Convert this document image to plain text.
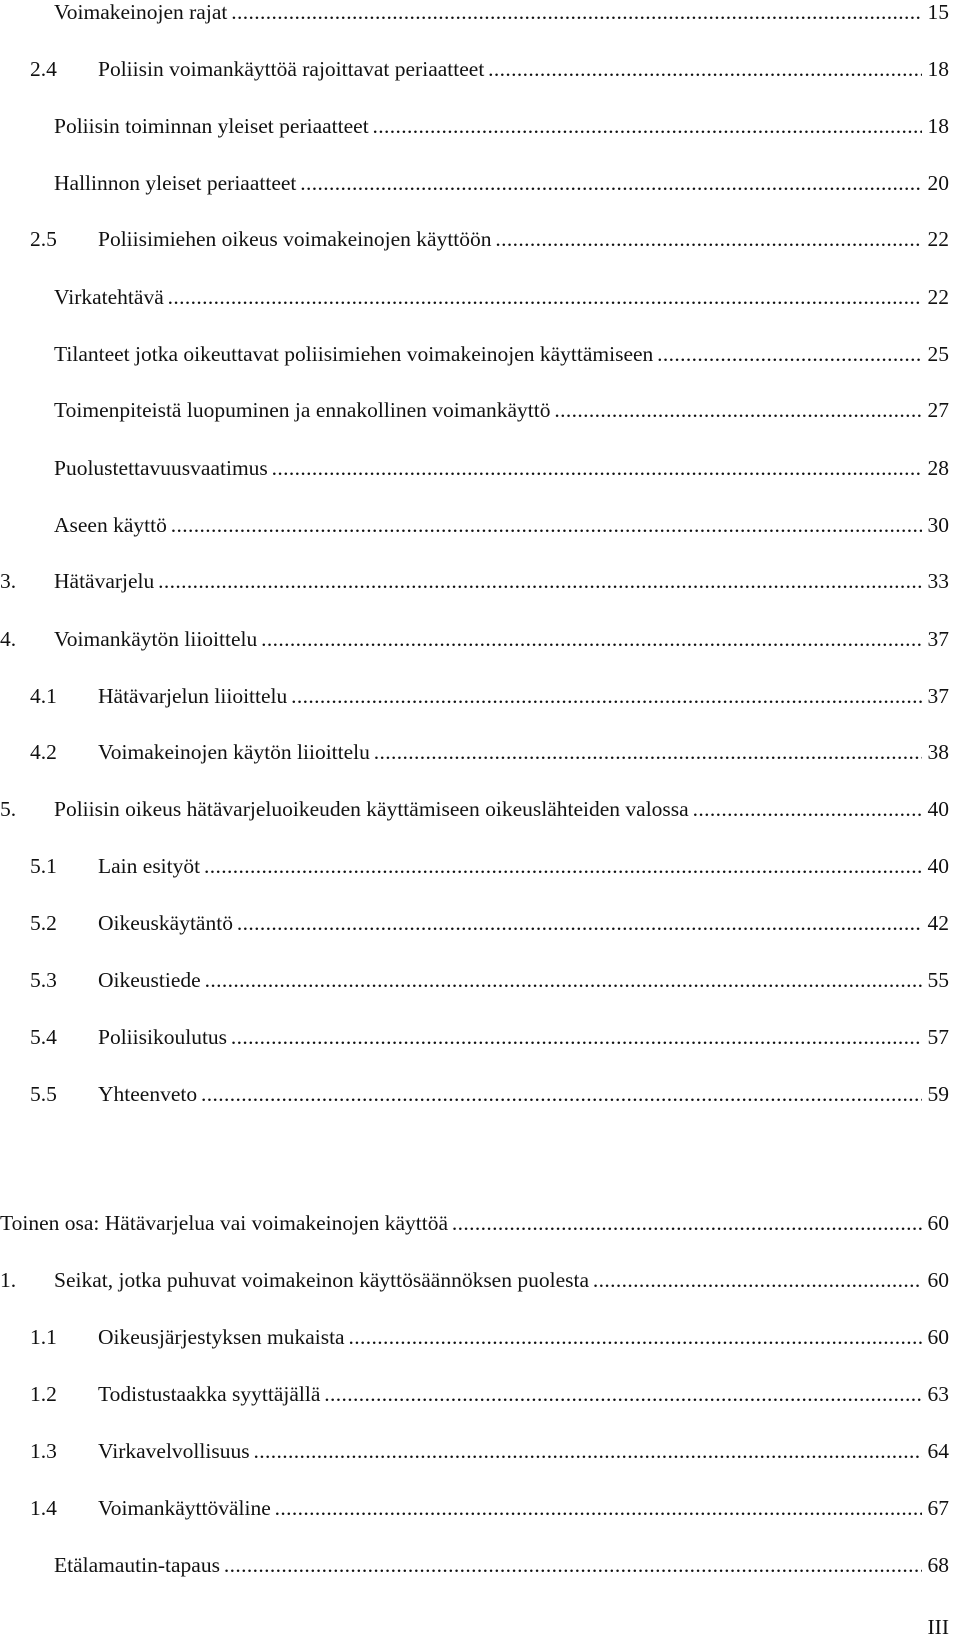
Voimakeinojen rajat . . .	15
2.4 Poliisin voimankäyttöä rajoittavat periaatteet . . .	18
Poliisin toiminnan yleiset periaatteet . . .	18
Hallinnon yleiset periaatteet . . .	20
2.5 Poliisimiehen oikeus voimakeinojen käyttöön . . .	22
Virkatehtävä . . .	22
Tilanteet jotka oikeuttavat poliisimiehen voimakeinojen käyttämiseen . . .	25
Toimenpiteistä luopuminen ja ennakollinen voimankäyttö . . .	27
Puolustettavuusvaatimus . . .	28
Aseen käyttö . . .	30
3. Hätävarjelu . . .	33
4. Voimankäytön liioittelu . . .	37
4.1 Hätävarjelun liioittelu . . .	37
4.2 Voimakeinojen käytön liioittelu . . .	38
5. Poliisin oikeus hätävarjeluoikeuden käyttämiseen oikeuslähteiden valossa . . .	40
5.1 Lain esityöt . . .	40
5.2 Oikeuskäytäntö . . .	42
5.3 Oikeustiede . . .	55
5.4 Poliisikoulutus . . .	57
5.5 Yhteenveto . . .	59
Toinen osa: Hätävarjelua vai voimakeinojen käyttöä . . .	60
1. Seikat, jotka puhuvat voimakeinon käyttösäännöksen puolesta . . .	60
1.1 Oikeusjärjestyksen mukaista . . .	60
1.2 Todistustaakka syyttäjällä . . .	63
1.3 Virkavelvollisuus . . .	64
1.4 Voimankäyttöväline . . .	67
Etälamautin-tapaus . . .	68
III
